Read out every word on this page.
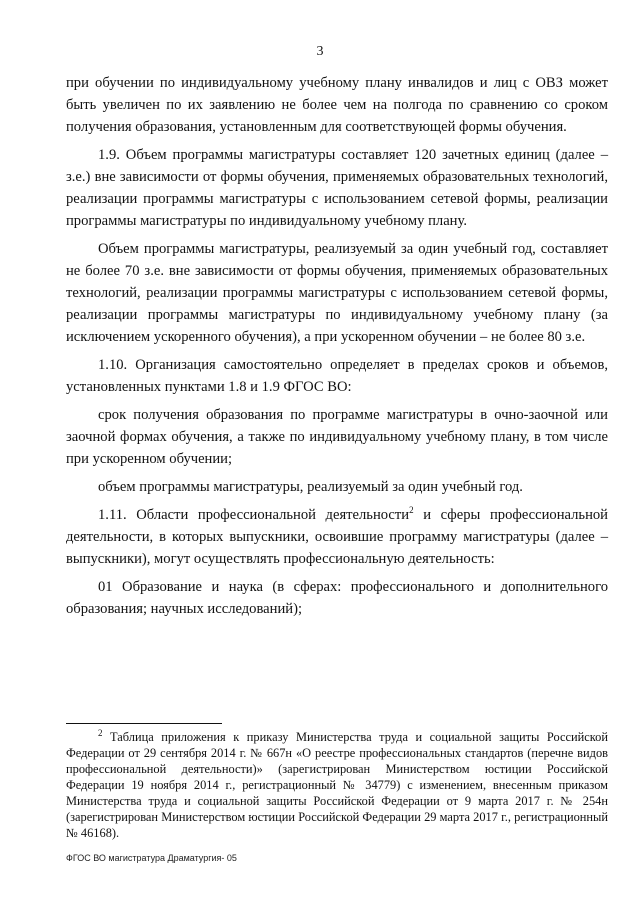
3

при обучении по индивидуальному учебному плану инвалидов и лиц с ОВЗ может быть увеличен по их заявлению не более чем на полгода по сравнению со сроком получения образования, установленным для соответствующей формы обучения.

1.9. Объем программы магистратуры составляет 120 зачетных единиц (далее – з.е.) вне зависимости от формы обучения, применяемых образовательных технологий, реализации программы магистратуры с использованием сетевой формы, реализации программы магистратуры по индивидуальному учебному плану.

Объем программы магистратуры, реализуемый за один учебный год, составляет не более 70 з.е. вне зависимости от формы обучения, применяемых образовательных технологий, реализации программы магистратуры с использованием сетевой формы, реализации программы магистратуры по индивидуальному учебному плану (за исключением ускоренного обучения), а при ускоренном обучении – не более 80 з.е.

1.10. Организация самостоятельно определяет в пределах сроков и объемов, установленных пунктами 1.8 и 1.9 ФГОС ВО:

срок получения образования по программе магистратуры в очно-заочной или заочной формах обучения, а также по индивидуальному учебному плану, в том числе при ускоренном обучении;

объем программы магистратуры, реализуемый за один учебный год.

1.11. Области профессиональной деятельности$^2$ и сферы профессиональной деятельности, в которых выпускники, освоившие программу магистратуры (далее – выпускники), могут осуществлять профессиональную деятельность:

01 Образование и наука (в сферах: профессионального и дополнительного образования; научных исследований);

$^2$ Таблица приложения к приказу Министерства труда и социальной защиты Российской Федерации от 29 сентября 2014 г. № 667н «О реестре профессиональных стандартов (перечне видов профессиональной деятельности)» (зарегистрирован Министерством юстиции Российской Федерации 19 ноября 2014 г., регистрационный № 34779) с изменением, внесенным приказом Министерства труда и социальной защиты Российской Федерации от 9 марта 2017 г. № 254н (зарегистрирован Министерством юстиции Российской Федерации 29 марта 2017 г., регистрационный № 46168).

ФГОС ВО магистратура Драматургия- 05
